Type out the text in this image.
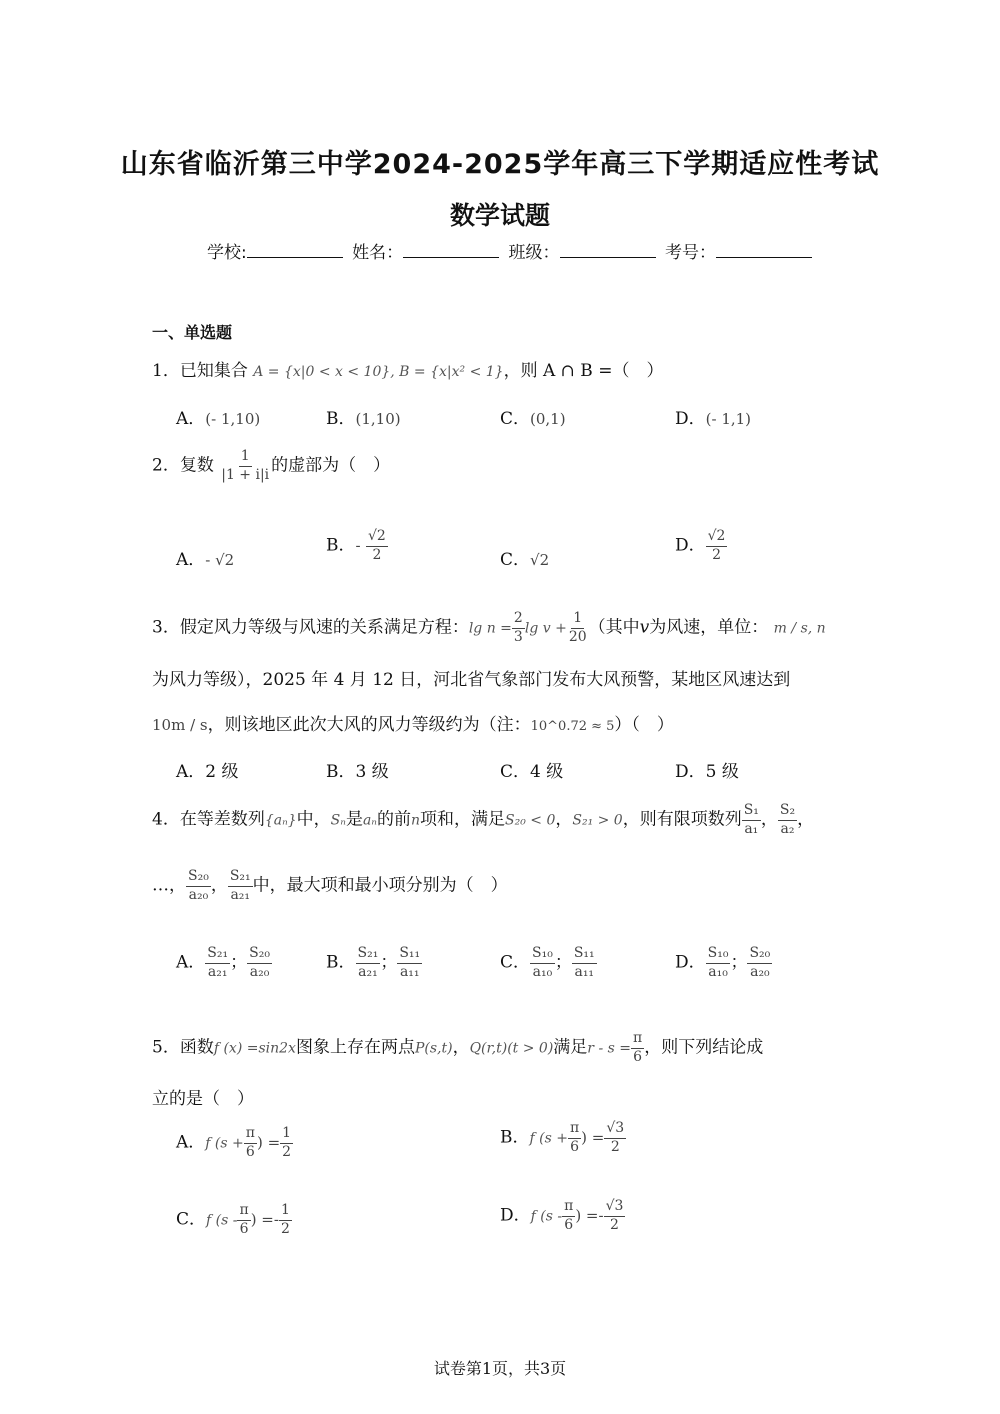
山东省临沂第三中学2024-2025学年高三下学期适应性考试
数学试题
学校:	姓名：	班级：	考号：
一、单选题
1．已知集合 A = {x|0 < x < 10}, B = {x|x² < 1}，则 A ∩ B =（　）
A．(- 1,10)	B．(1,10)	C．(0,1)	D．(- 1,1)
2．复数 $\frac{1}{|1 + i|i}$ 的虚部为（　）
A．- √2
B．- $\frac{√2}{2}$	C．√2
D． $\frac{√2}{2}$
3．假定风力等级与风速的关系满足方程：$\lg n = \frac{2}{3}$ $\lg v + \frac{1}{20}$ （其中v为风速，单位： m / s, n
为风力等级），2025 年 4 月 12 日，河北省气象部门发布大风预警，某地区风速达到
10m / s，则该地区此次大风的风力等级约为（注：10^0.72 ≈ 5）（　）
A．2 级	B．3 级	C．4 级	D．5 级
4．在等差数列{aₙ}中，Sₙ是aₙ的前n项和，满足S₂₀ < 0，S₂₁ > 0，则有限项数列 $\frac{\text{S₁}}{\text{a₁}}$ ， $\frac{\text{S₂}}{\text{a₂}}$ ，
…， $\frac{\text{S₂₀}}{\text{a₂₀}}$ ， $\frac{\text{S₂₁}}{\text{a₂₁}}$ 中，最大项和最小项分别为（　）
A． $\frac{\text{S₂₁}}{\text{a₂₁}}$ ； $\frac{\text{S₂₀}}{\text{a₂₀}}$	B． $\frac{\text{S₂₁}}{\text{a₂₁}}$ ； $\frac{\text{S₁₁}}{\text{a₁₁}}$	C． $\frac{\text{S₁₀}}{\text{a₁₀}}$ ； $\frac{\text{S₁₁}}{\text{a₁₁}}$	D． $\frac{\text{S₁₀}}{\text{a₁₀}}$ ； $\frac{\text{S₂₀}}{\text{a₂₀}}$
5．函数f (x) =sin2x图象上存在两点P(s,t)，Q(r,t)(t > 0)满足$r - s = \frac{\pi}{6}$ ，则下列结论成
立的是（　）
A．f ($s + \frac{\pi}{6}$ ) = $\frac{1}{2}$	B．f ($s + \frac{\pi}{6}$ ) = $\frac{√3}{2}$
C．f ($s - \frac{\pi}{6}$ ) =- $\frac{1}{2}$	D．f ($s - \frac{\pi}{6}$ ) =- $\frac{√3}{2}$
试卷第1页，共3页
